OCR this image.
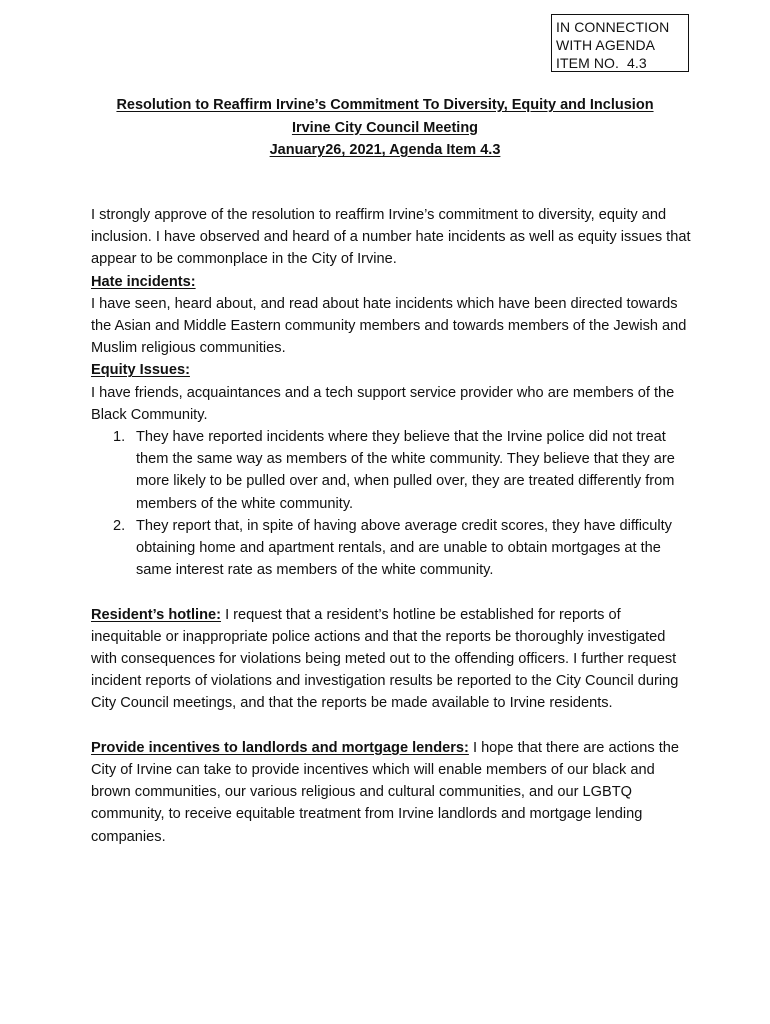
IN CONNECTION
WITH AGENDA
ITEM NO.  4.3
Resolution to Reaffirm Irvine’s Commitment To Diversity, Equity and Inclusion
Irvine City Council Meeting
January26, 2021, Agenda Item 4.3

I strongly approve of the resolution to reaffirm Irvine’s commitment to diversity, equity and inclusion. I have observed and heard of a number hate incidents as well as equity issues that appear to be commonplace in the City of Irvine.

Hate incidents:

I have seen, heard about, and read about hate incidents which have been directed towards the Asian and Middle Eastern community members and towards members of the Jewish and Muslim religious communities.

Equity Issues:

I have friends, acquaintances and a tech support service provider who are members of the Black Community.

1. They have reported incidents where they believe that the Irvine police did not treat them the same way as members of the white community. They believe that they are more likely to be pulled over and, when pulled over, they are treated differently from members of the white community.
2. They report that, in spite of having above average credit scores, they have difficulty obtaining home and apartment rentals, and are unable to obtain mortgages at the same interest rate as members of the white community.

Resident’s hotline: I request that a resident’s hotline be established for reports of inequitable or inappropriate police actions and that the reports be thoroughly investigated with consequences for violations being meted out to the offending officers. I further request incident reports of violations and investigation results be reported to the City Council during City Council meetings, and that the reports be made available to Irvine residents.

Provide incentives to landlords and mortgage lenders: I hope that there are actions the City of Irvine can take to provide incentives which will enable members of our black and brown communities, our various religious and cultural communities, and our LGBTQ community, to receive equitable treatment from Irvine landlords and mortgage lending companies.
